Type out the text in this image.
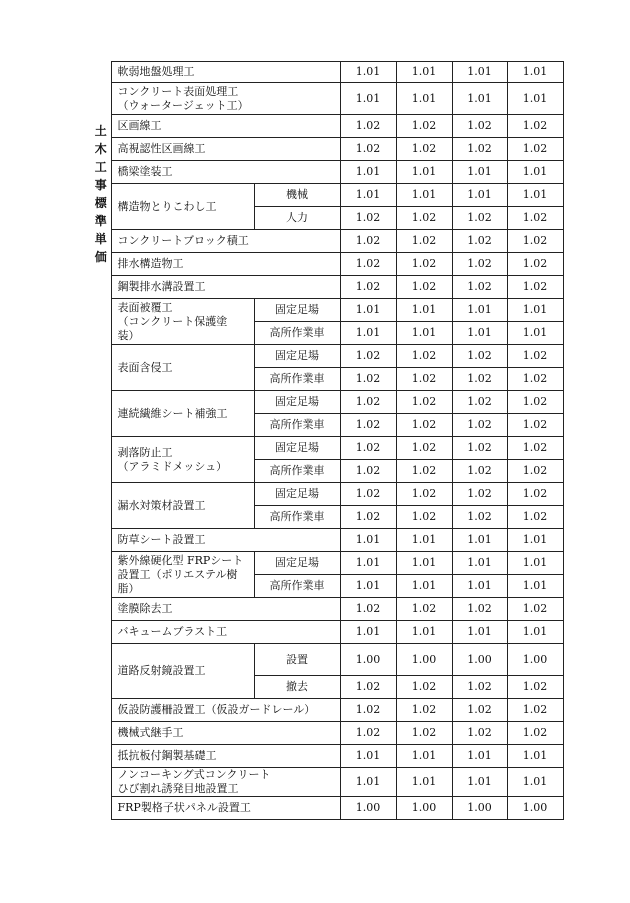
土木工事標準単価	軟弱地盤処理工		1.01	1.01	1.01	1.01

	コンクリート表面処理工
（ウォータージェット工）		1.01	1.01	1.01	1.01

	区画線工		1.02	1.02	1.02	1.02

	高視認性区画線工		1.02	1.02	1.02	1.02

	橋梁塗装工		1.01	1.01	1.01	1.01

	構造物とりこわし工	機械	1.01	1.01	1.01	1.01
		人力	1.02	1.02	1.02	1.02

	コンクリートブロック積工		1.02	1.02	1.02	1.02

	排水構造物工		1.02	1.02	1.02	1.02

	鋼製排水溝設置工		1.02	1.02	1.02	1.02

	表面被覆工
（コンクリート保護塗
装）	固定足場	1.01	1.01	1.01	1.01
		高所作業車	1.01	1.01	1.01	1.01

	表面含侵工	固定足場	1.02	1.02	1.02	1.02
		高所作業車	1.02	1.02	1.02	1.02

	連続繊維シート補強工	固定足場	1.02	1.02	1.02	1.02
		高所作業車	1.02	1.02	1.02	1.02

	剥落防止工
（アラミドメッシュ）	固定足場	1.02	1.02	1.02	1.02
		高所作業車	1.02	1.02	1.02	1.02

	漏水対策材設置工	固定足場	1.02	1.02	1.02	1.02
		高所作業車	1.02	1.02	1.02	1.02

	防草シート設置工		1.01	1.01	1.01	1.01

	紫外線硬化型 FRPシート
設置工（ポリエステル樹
脂）	固定足場	1.01	1.01	1.01	1.01
		高所作業車	1.01	1.01	1.01	1.01

	塗膜除去工		1.02	1.02	1.02	1.02

	バキュームブラスト工		1.01	1.01	1.01	1.01

	道路反射鏡設置工	設置	1.00	1.00	1.00	1.00
		撤去	1.02	1.02	1.02	1.02

	仮設防護柵設置工（仮設ガードレール）		1.02	1.02	1.02	1.02

	機械式継手工		1.02	1.02	1.02	1.02

	抵抗板付鋼製基礎工		1.01	1.01	1.01	1.01

	ノンコーキング式コンクリート
ひび割れ誘発目地設置工		1.01	1.01	1.01	1.01

	FRP製格子状パネル設置工		1.00	1.00	1.00	1.00
